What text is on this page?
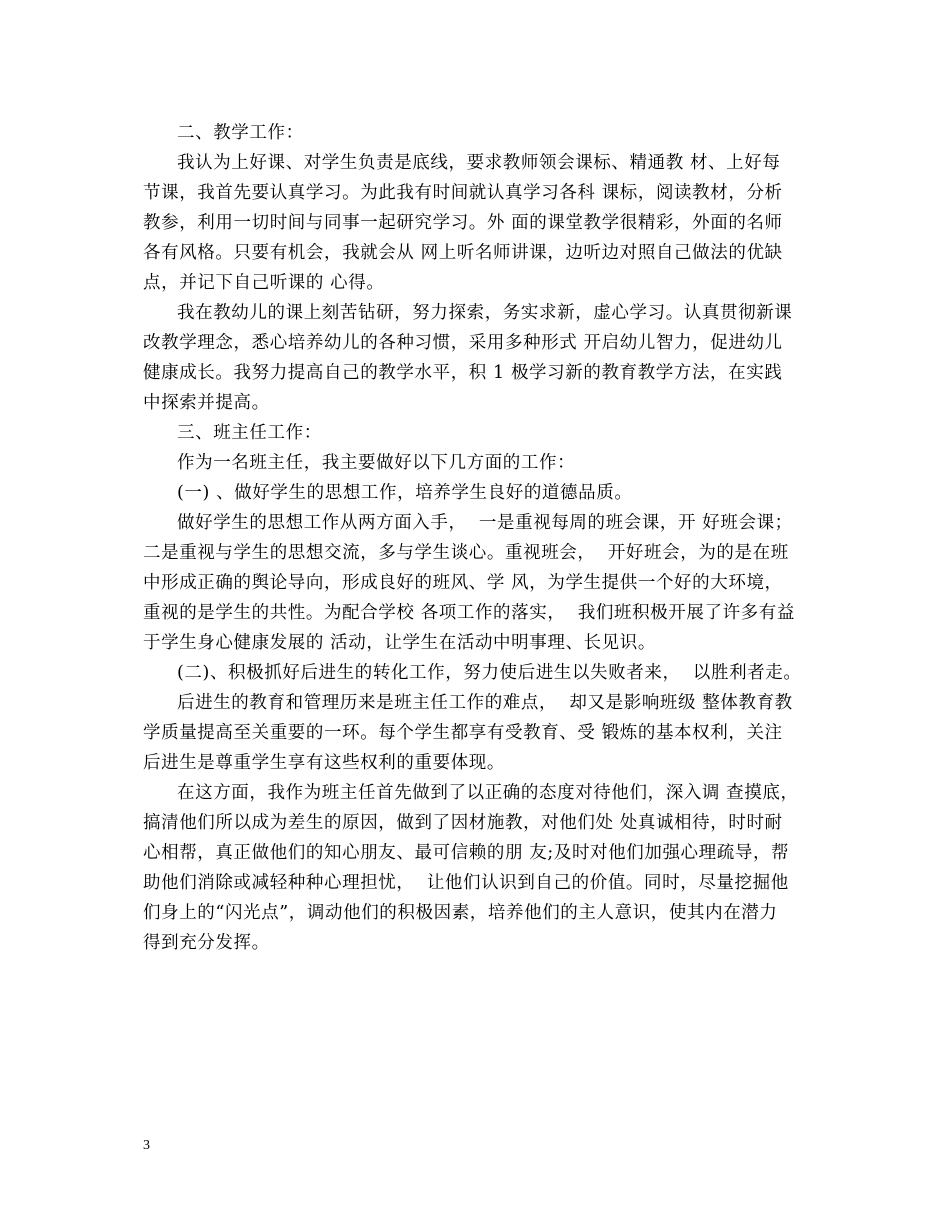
二、教学工作：
我认为上好课、对学生负责是底线，要求教师领会课标、精通教 材、上好每
节课，我首先要认真学习。为此我有时间就认真学习各科 课标，阅读教材，分析
教参，利用一切时间与同事一起研究学习。外 面的课堂教学很精彩，外面的名师
各有风格。只要有机会，我就会从 网上听名师讲课，边听边对照自己做法的优缺
点，并记下自己听课的 心得。
我在教幼儿的课上刻苦钻研，努力探索，务实求新，虚心学习。认真贯彻新课
改教学理念，悉心培养幼儿的各种习惯，采用多种形式 开启幼儿智力，促进幼儿
健康成长。我努力提高自己的教学水平，积 1 极学习新的教育教学方法，在实践
中探索并提高。
三、班主任工作：
作为一名班主任，我主要做好以下几方面的工作：
(一) 、做好学生的思想工作，培养学生良好的道德品质。
做好学生的思想工作从两方面入手，  一是重视每周的班会课，开 好班会课；
二是重视与学生的思想交流，多与学生谈心。重视班会，  开好班会，为的是在班
中形成正确的舆论导向，形成良好的班风、学 风，为学生提供一个好的大环境，
重视的是学生的共性。为配合学校 各项工作的落实，  我们班积极开展了许多有益
于学生身心健康发展的 活动，让学生在活动中明事理、长见识。
(二)、积极抓好后进生的转化工作，努力使后进生以失败者来，  以胜利者走。
后进生的教育和管理历来是班主任工作的难点，  却又是影响班级 整体教育教
学质量提高至关重要的一环。每个学生都享有受教育、受 锻炼的基本权利，关注
后进生是尊重学生享有这些权利的重要体现。
在这方面，我作为班主任首先做到了以正确的态度对待他们，深入调 查摸底，
搞清他们所以成为差生的原因，做到了因材施教，对他们处 处真诚相待，时时耐
心相帮，真正做他们的知心朋友、最可信赖的朋 友;及时对他们加强心理疏导，帮
助他们消除或减轻种种心理担忧，  让他们认识到自己的价值。同时，尽量挖掘他
们身上的“闪光点”，调动他们的积极因素，培养他们的主人意识，使其内在潜力
得到充分发挥。
3
